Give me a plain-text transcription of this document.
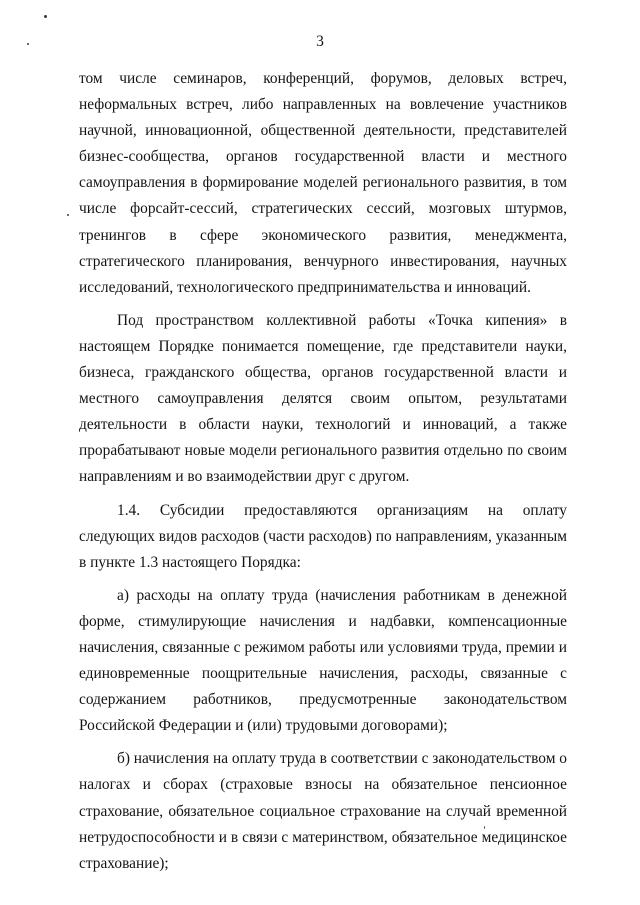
3

том числе семинаров, конференций, форумов, деловых встреч, неформальных встреч, либо направленных на вовлечение участников научной, инновационной, общественной деятельности, представителей бизнес-сообщества, органов государственной власти и местного самоуправления в формирование моделей регионального развития, в том числе форсайт-сессий, стратегических сессий, мозговых штурмов, тренингов в сфере экономического развития, менеджмента, стратегического планирования, венчурного инвестирования, научных исследований, технологического предпринимательства и инноваций.

Под пространством коллективной работы «Точка кипения» в настоящем Порядке понимается помещение, где представители науки, бизнеса, гражданского общества, органов государственной власти и местного самоуправления делятся своим опытом, результатами деятельности в области науки, технологий и инноваций, а также прорабатывают новые модели регионального развития отдельно по своим направлениям и во взаимодействии друг с другом.

1.4. Субсидии предоставляются организациям на оплату следующих видов расходов (части расходов) по направлениям, указанным в пункте 1.3 настоящего Порядка:

а) расходы на оплату труда (начисления работникам в денежной форме, стимулирующие начисления и надбавки, компенсационные начисления, связанные с режимом работы или условиями труда, премии и единовременные поощрительные начисления, расходы, связанные с содержанием работников, предусмотренные законодательством Российской Федерации и (или) трудовыми договорами);

б) начисления на оплату труда в соответствии с законодательством о налогах и сборах (страховые взносы на обязательное пенсионное страхование, обязательное социальное страхование на случай временной нетрудоспособности и в связи с материнством, обязательное медицинское страхование);
